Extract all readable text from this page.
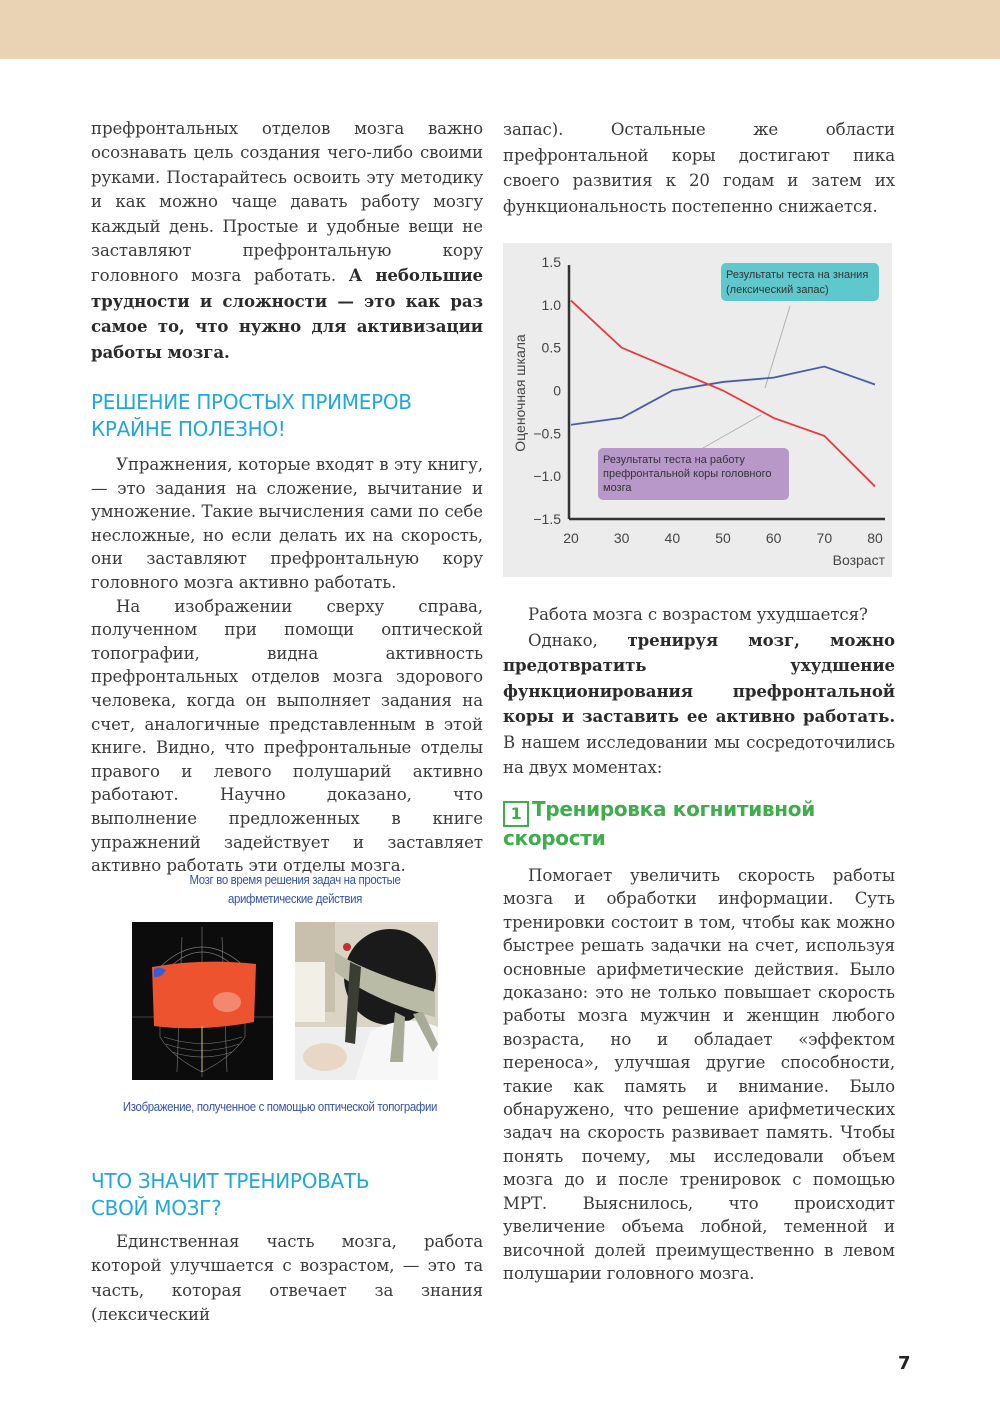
префронтальных отделов мозга важно осознавать цель создания чего-либо своими руками. Постарайтесь освоить эту методику и как можно чаще давать работу мозгу каждый день. Простые и удобные вещи не заставляют префронтальную кору головного мозга работать. А небольшие трудности и сложности — это как раз самое то, что нужно для активизации работы мозга.

РЕШЕНИЕ ПРОСТЫХ ПРИМЕРОВ
КРАЙНЕ ПОЛЕЗНО!

Упражнения, которые входят в эту книгу, — это задания на сложение, вычитание и умножение. Такие вычисления сами по себе несложные, но если делать их на скорость, они заставляют префронтальную кору головного мозга активно работать.

На изображении сверху справа, полученном при помощи оптической топографии, видна активность префронтальных отделов мозга здорового человека, когда он выполняет задания на счет, аналогичные представленным в этой книге. Видно, что префронтальные отделы правого и левого полушарий активно работают. Научно доказано, что выполнение предложенных в книге упражнений задействует и заставляет активно работать эти отделы мозга.

Мозг во время решения задач на простые
арифметические действия
Изображение, полученное с помощью оптической топографии
ЧТО ЗНАЧИТ ТРЕНИРОВАТЬ
СВОЙ МОЗГ?

Единственная часть мозга, работа которой улучшается с возрастом, — это та часть, которая отвечает за знания (лексический

запас). Остальные же области префронтальной коры достигают пика своего развития к 20 годам и затем их функциональность постепенно снижается.

1.5
1.0
0.5
0
−0.5
−1.0
−1.5
20	30	40	50	60	70	80
Оценочная шкала
Возраст
Результаты теста на знания (лексический запас)
Результаты теста на работу префронтальной коры головного мозга

Работа мозга с возрастом ухудшается?

Однако, тренируя мозг, можно предотвратить ухудшение функционирования префронтальной коры и заставить ее активно работать. В нашем исследовании мы сосредоточились на двух моментах:

1 Тренировка когнитивной скорости

Помогает увеличить скорость работы мозга и обработки информации. Суть тренировки состоит в том, чтобы как можно быстрее решать задачки на счет, используя основные арифметические действия. Было доказано: это не только повышает скорость работы мозга мужчин и женщин любого возраста, но и обладает «эффектом переноса», улучшая другие способности, такие как память и внимание. Было обнаружено, что решение арифметических задач на скорость развивает память. Чтобы понять почему, мы исследовали объем мозга до и после тренировок с помощью МРТ. Выяснилось, что происходит увеличение объема лобной, теменной и височной долей преимущественно в левом полушарии головного мозга.

7
